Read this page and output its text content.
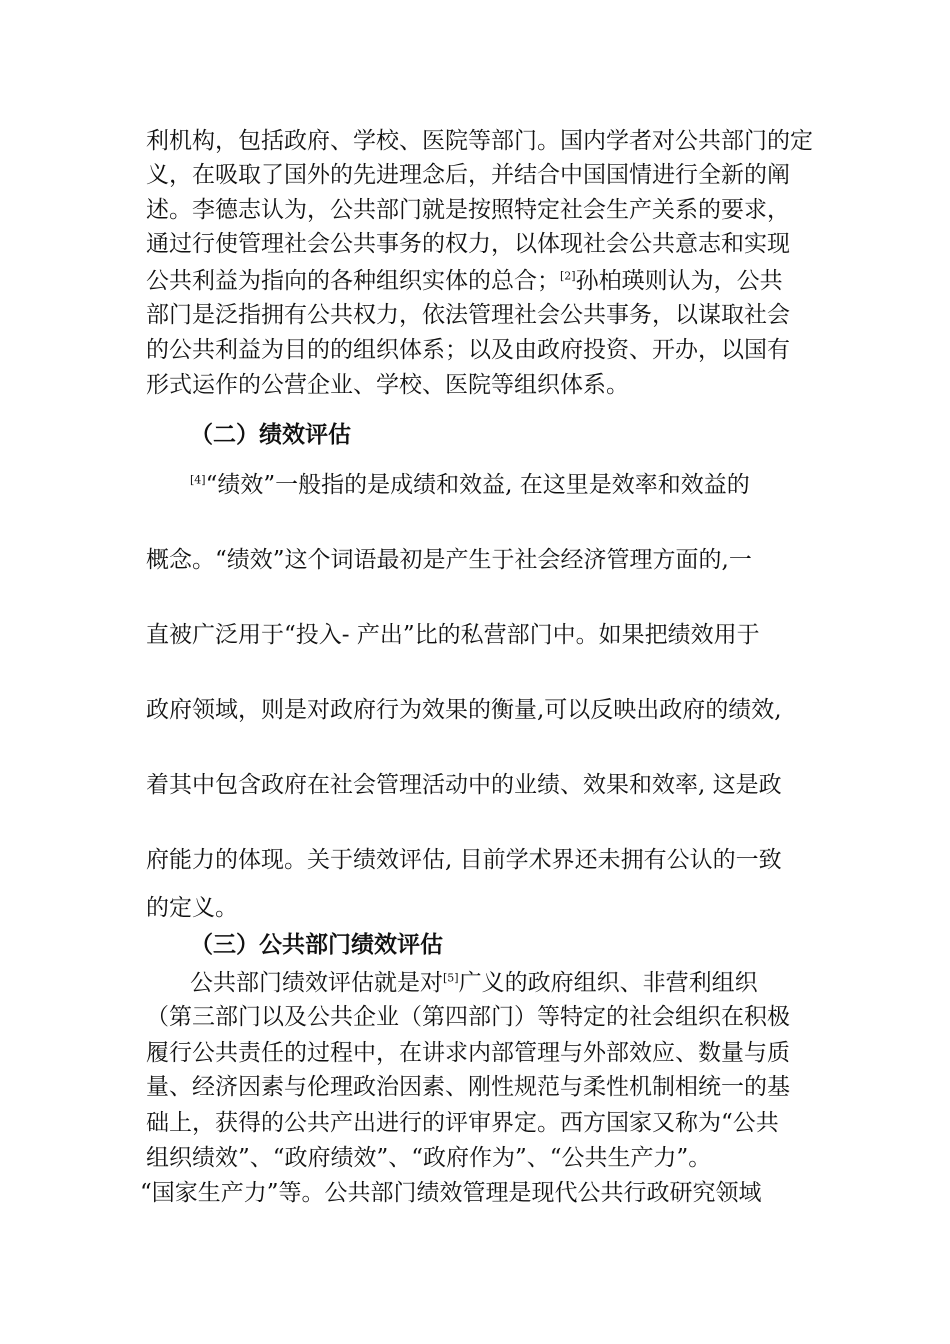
利机构，包括政府、学校、医院等部门。国内学者对公共部门的定

义，在吸取了国外的先进理念后，并结合中国国情进行全新的阐

述。李德志认为，公共部门就是按照特定社会生产关系的要求，

通过行使管理社会公共事务的权力，以体现社会公共意志和实现

公共利益为指向的各种组织实体的总合；[2]孙柏瑛则认为，公共

部门是泛指拥有公共权力，依法管理社会公共事务，以谋取社会

的公共利益为目的的组织体系；以及由政府投资、开办，以国有

形式运作的公营企业、学校、医院等组织体系。

（二）绩效评估

[4]“绩效”一般指的是成绩和效益, 在这里是效率和效益的

概念。“绩效”这个词语最初是产生于社会经济管理方面的,一

直被广泛用于“投入- 产出”比的私营部门中。如果把绩效用于

政府领域，则是对政府行为效果的衡量,可以反映出政府的绩效,

着其中包含政府在社会管理活动中的业绩、效果和效率, 这是政

府能力的体现。关于绩效评估, 目前学术界还未拥有公认的一致

的定义。

（三）公共部门绩效评估

公共部门绩效评估就是对[5]广义的政府组织、非营利组织

（第三部门以及公共企业（第四部门）等特定的社会组织在积极

履行公共责任的过程中，在讲求内部管理与外部效应、数量与质

量、经济因素与伦理政治因素、刚性规范与柔性机制相统一的基

础上，获得的公共产出进行的评审界定。西方国家又称为“公共

组织绩效”、“政府绩效”、“政府作为”、“公共生产力”。

“国家生产力”等。公共部门绩效管理是现代公共行政研究领域
